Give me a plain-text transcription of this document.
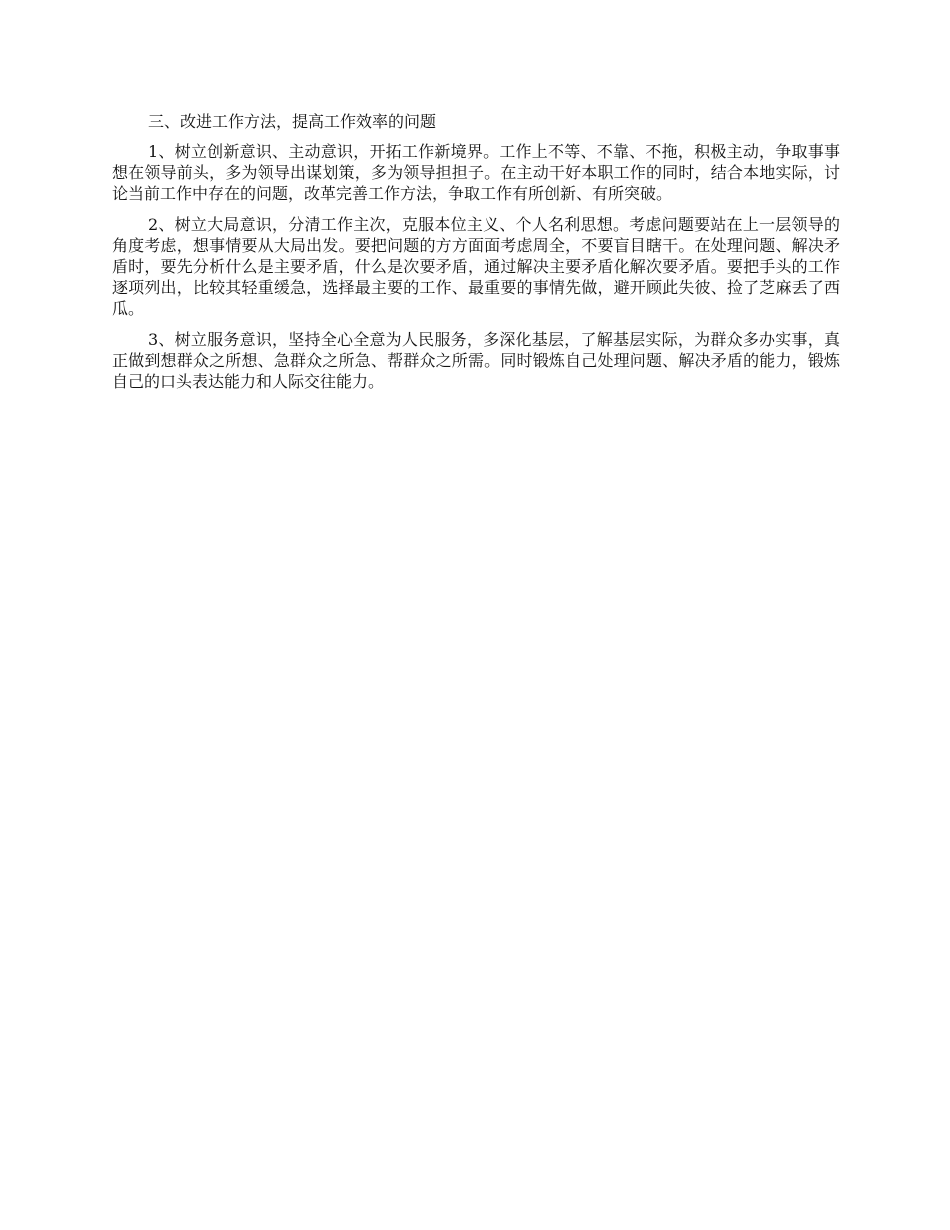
三、改进工作方法，提高工作效率的问题

1、树立创新意识、主动意识，开拓工作新境界。工作上不等、不靠、不拖，积极主动，争取事事想在领导前头，多为领导出谋划策，多为领导担担子。在主动干好本职工作的同时，结合本地实际，讨论当前工作中存在的问题，改革完善工作方法，争取工作有所创新、有所突破。

2、树立大局意识，分清工作主次，克服本位主义、个人名利思想。考虑问题要站在上一层领导的角度考虑，想事情要从大局出发。要把问题的方方面面考虑周全，不要盲目瞎干。在处理问题、解决矛盾时，要先分析什么是主要矛盾，什么是次要矛盾，通过解决主要矛盾化解次要矛盾。要把手头的工作逐项列出，比较其轻重缓急，选择最主要的工作、最重要的事情先做，避开顾此失彼、捡了芝麻丢了西瓜。

3、树立服务意识，坚持全心全意为人民服务，多深化基层，了解基层实际，为群众多办实事，真正做到想群众之所想、急群众之所急、帮群众之所需。同时锻炼自己处理问题、解决矛盾的能力，锻炼自己的口头表达能力和人际交往能力。
